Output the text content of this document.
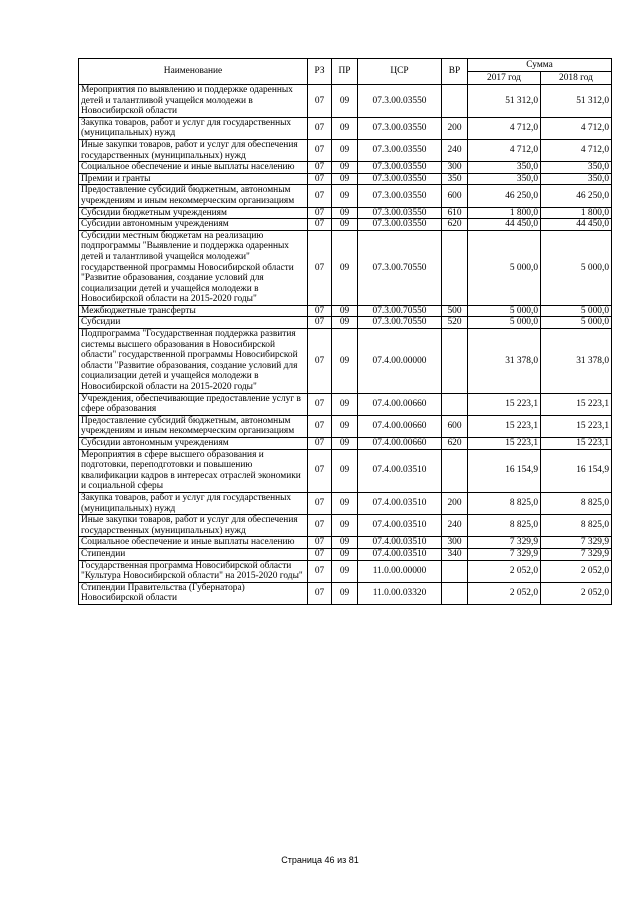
Наименование	РЗ	ПР	ЦСР	ВР	Сумма	
					2017 год	2018 год
Мероприятия по выявлению и поддержке одаренных детей и талантливой учащейся молодежи в Новосибирской области	07	09	07.3.00.03550		51 312,0	51 312,0
Закупка товаров, работ и услуг для государственных (муниципальных) нужд	07	09	07.3.00.03550	200	4 712,0	4 712,0
Иные закупки товаров, работ и услуг для обеспечения государственных (муниципальных) нужд	07	09	07.3.00.03550	240	4 712,0	4 712,0
Социальное обеспечение и иные выплаты населению	07	09	07.3.00.03550	300	350,0	350,0
Премии и гранты	07	09	07.3.00.03550	350	350,0	350,0
Предоставление субсидий бюджетным, автономным учреждениям и иным некоммерческим организациям	07	09	07.3.00.03550	600	46 250,0	46 250,0
Субсидии бюджетным учреждениям	07	09	07.3.00.03550	610	1 800,0	1 800,0
Субсидии автономным учреждениям	07	09	07.3.00.03550	620	44 450,0	44 450,0
Субсидии местным бюджетам на реализацию подпрограммы "Выявление и поддержка одаренных детей и талантливой учащейся молодежи" государственной программы Новосибирской области "Развитие образования, создание условий для социализации детей и учащейся молодежи в Новосибирской области на 2015-2020 годы"	07	09	07.3.00.70550		5 000,0	5 000,0
Межбюджетные трансферты	07	09	07.3.00.70550	500	5 000,0	5 000,0
Субсидии	07	09	07.3.00.70550	520	5 000,0	5 000,0
Подпрограмма "Государственная поддержка развития системы высшего образования в Новосибирской области" государственной программы Новосибирской области "Развитие образования, создание условий для социализации детей и учащейся молодежи в Новосибирской области на 2015-2020 годы"	07	09	07.4.00.00000		31 378,0	31 378,0
Учреждения, обеспечивающие предоставление услуг в сфере образования	07	09	07.4.00.00660		15 223,1	15 223,1
Предоставление субсидий бюджетным, автономным учреждениям и иным некоммерческим организациям	07	09	07.4.00.00660	600	15 223,1	15 223,1
Субсидии автономным учреждениям	07	09	07.4.00.00660	620	15 223,1	15 223,1
Мероприятия в сфере высшего образования и подготовки, переподготовки и повышению квалификации кадров в интересах отраслей экономики и социальной сферы	07	09	07.4.00.03510		16 154,9	16 154,9
Закупка товаров, работ и услуг для государственных (муниципальных) нужд	07	09	07.4.00.03510	200	8 825,0	8 825,0
Иные закупки товаров, работ и услуг для обеспечения государственных (муниципальных) нужд	07	09	07.4.00.03510	240	8 825,0	8 825,0
Социальное обеспечение и иные выплаты населению	07	09	07.4.00.03510	300	7 329,9	7 329,9
Стипендии	07	09	07.4.00.03510	340	7 329,9	7 329,9
Государственная программа Новосибирской области "Культура Новосибирской области" на 2015-2020 годы"	07	09	11.0.00.00000		2 052,0	2 052,0
Стипендии Правительства (Губернатора) Новосибирской области	07	09	11.0.00.03320		2 052,0	2 052,0
Страница 46 из 81
